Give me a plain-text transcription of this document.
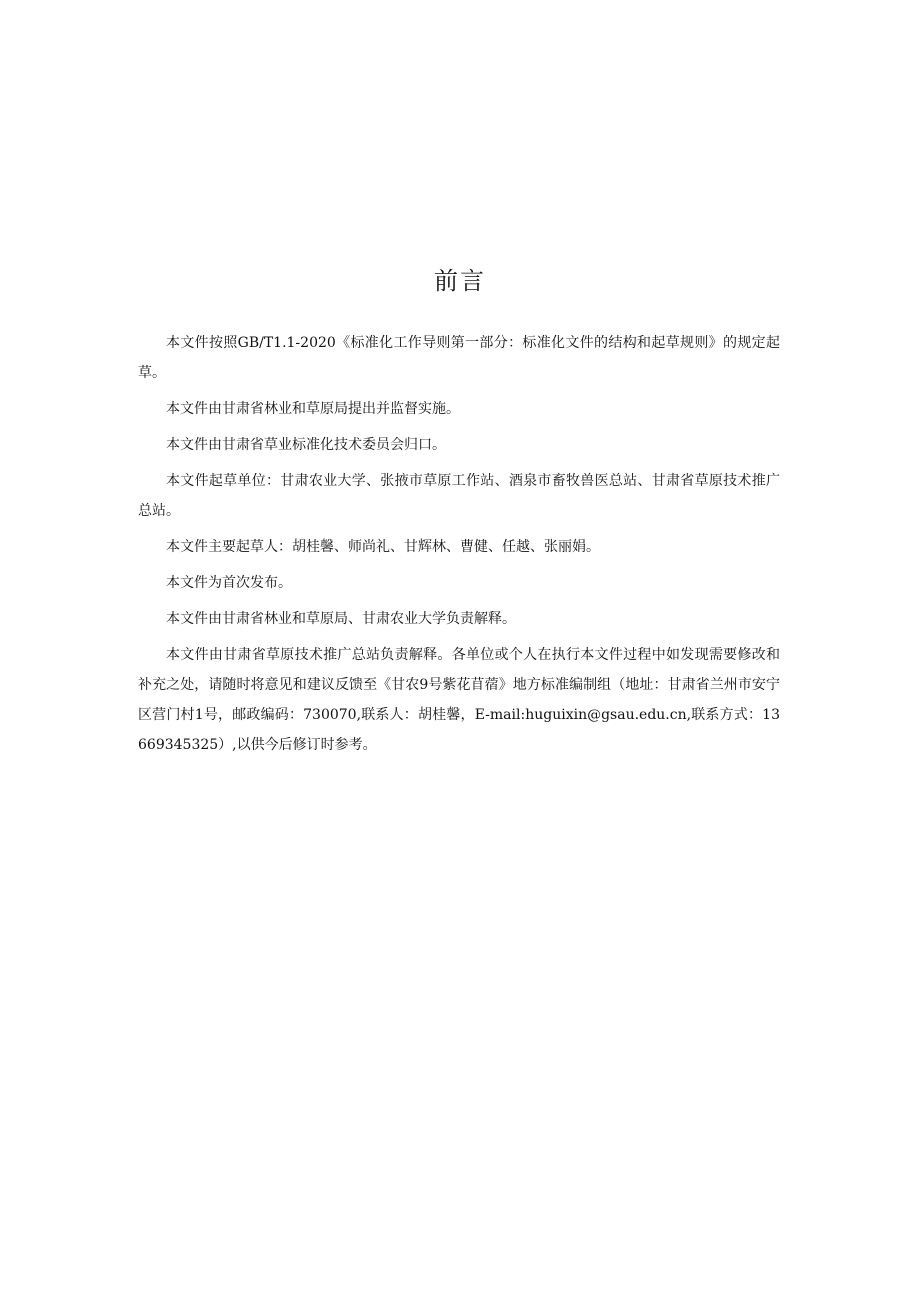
前言

本文件按照GB/T1.1-2020《标准化工作导则第一部分：标准化文件的结构和起草规则》的规定起草。

本文件由甘肃省林业和草原局提出并监督实施。

本文件由甘肃省草业标准化技术委员会归口。

本文件起草单位：甘肃农业大学、张掖市草原工作站、酒泉市畜牧兽医总站、甘肃省草原技术推广总站。

本文件主要起草人：胡桂馨、师尚礼、甘辉林、曹健、任越、张丽娟。

本文件为首次发布。

本文件由甘肃省林业和草原局、甘肃农业大学负责解释。

本文件由甘肃省草原技术推广总站负责解释。各单位或个人在执行本文件过程中如发现需要修改和补充之处，请随时将意见和建议反馈至《甘农9号紫花苜蓿》地方标准编制组（地址：甘肃省兰州市安宁区营门村1号，邮政编码：730070,联系人：胡桂馨，E-mail:huguixin@gsau.edu.cn,联系方式：13669345325）,以供今后修订时参考。
